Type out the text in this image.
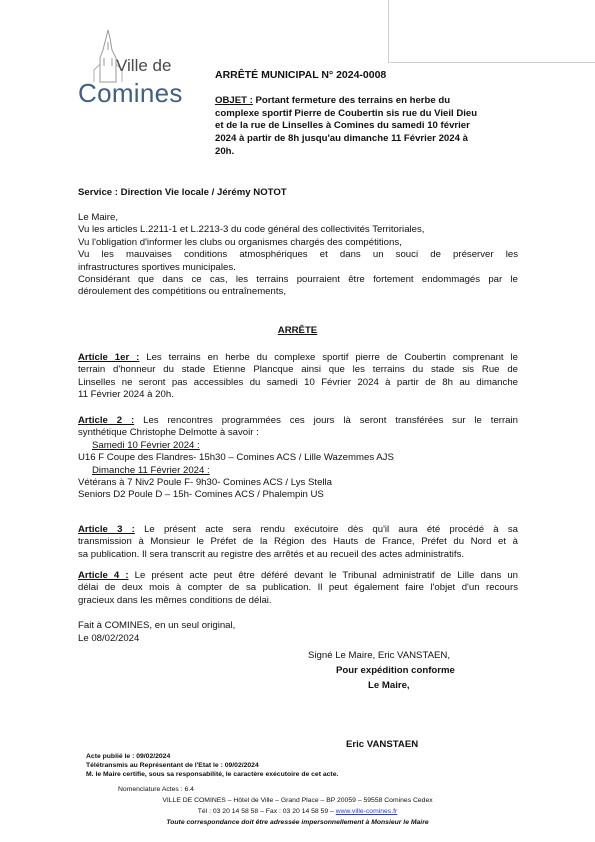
Ville de
Comines
ARRÊTÉ MUNICIPAL N° 2024-0008
OBJET : Portant fermeture des terrains en herbe du
complexe sportif Pierre de Coubertin sis rue du Vieil Dieu
et de la rue de Linselles à Comines du samedi 10 février
2024 à partir de 8h jusqu'au dimanche 11 Février 2024 à
20h.
Service : Direction Vie locale / Jérémy NOTOT
Le Maire,
Vu les articles L.2211-1 et L.2213-3 du code général des collectivités Territoriales,
Vu l'obligation d'informer les clubs ou organismes chargés des compétitions,
Vu les mauvaises conditions atmosphériques et dans un souci de préserver les
infrastructures sportives municipales.
Considérant que dans ce cas, les terrains pourraient être fortement endommagés par le
déroulement des compétitions ou entraînements,
ARRÊTE
Article 1er : Les terrains en herbe du complexe sportif pierre de Coubertin comprenant le
terrain d'honneur du stade Etienne Plancque ainsi que les terrains du stade sis Rue de
Linselles ne seront pas accessibles du samedi 10 Février 2024 à partir de 8h au dimanche
11 Février 2024 à 20h.
Article 2 : Les rencontres programmées ces jours là seront transférées sur le terrain
synthétique Christophe Delmotte à savoir :
Samedi 10 Février 2024 :
U16 F Coupe des Flandres- 15h30 – Comines ACS / Lille Wazemmes AJS
Dimanche 11 Février 2024 :
Vétérans à 7 Niv2 Poule F- 9h30- Comines ACS / Lys Stella
Seniors D2 Poule D – 15h- Comines ACS / Phalempin US
Article 3 : Le présent acte sera rendu exécutoire dès qu'il aura été procédé à sa
transmission à Monsieur le Préfet de la Région des Hauts de France, Préfet du Nord et à
sa publication. Il sera transcrit au registre des arrêtés et au recueil des actes administratifs.
Article 4 : Le présent acte peut être déféré devant le Tribunal administratif de Lille dans un
délai de deux mois à compter de sa publication. Il peut également faire l'objet d'un recours
gracieux dans les mêmes conditions de délai.
Fait à COMINES, en un seul original,
Le 08/02/2024
Signé Le Maire, Eric VANSTAEN,
Pour expédition conforme
Le Maire,
Eric VANSTAEN
Acte publié le : 09/02/2024
Télétransmis au Représentant de l'Etat le : 09/02/2024
M. le Maire certifie, sous sa responsabilité, le caractère exécutoire de cet acte.
Nomenclature Actes : 6.4
VILLE DE COMINES – Hôtel de Ville – Grand Place – BP 20059 – 59558 Comines Cedex
Tél : 03 20 14 58 58 – Fax : 03 20 14 58 59 – www.ville-comines.fr
Toute correspondance doit être adressée impersonnellement à Monsieur le Maire
